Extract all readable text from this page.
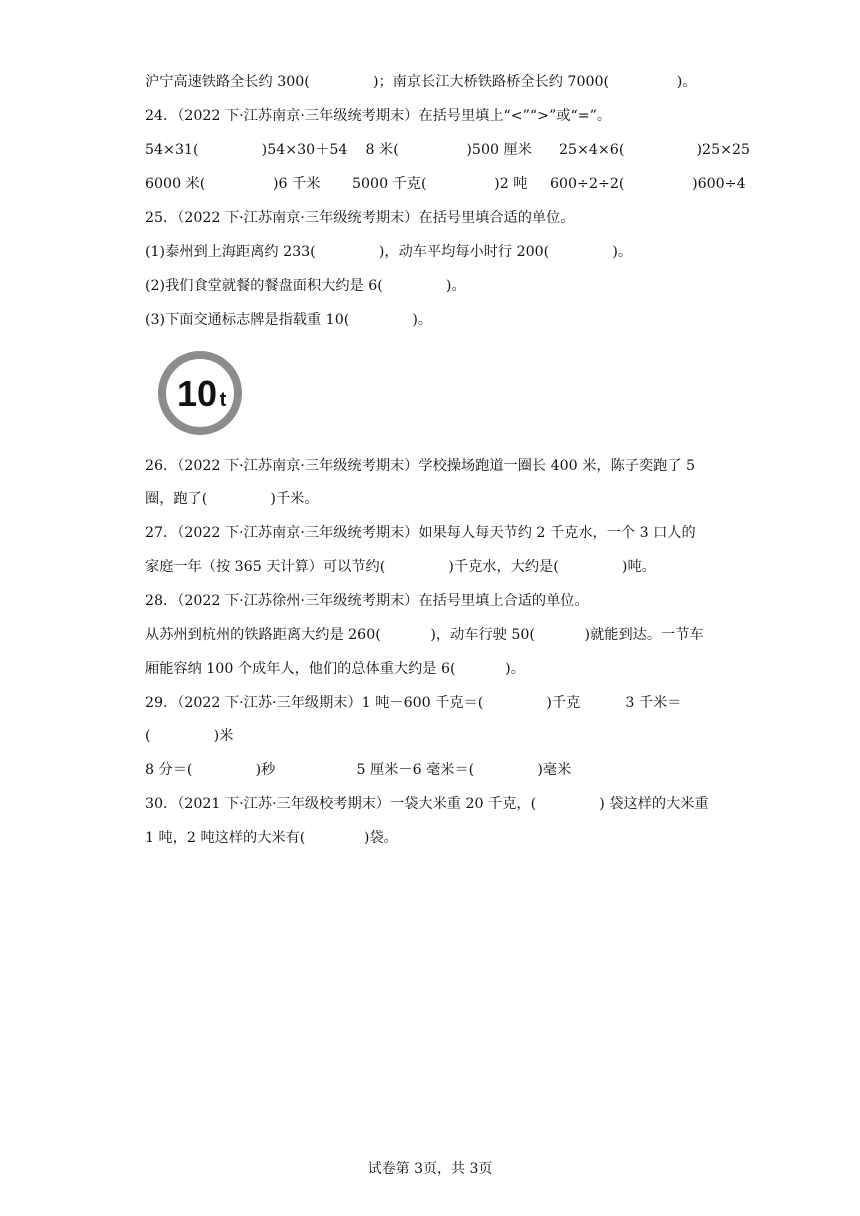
沪宁高速铁路全长约 300(              )；南京长江大桥铁路桥全长约 7000(               )。
24．（2022 下·江苏南京·三年级统考期末）在括号里填上“<”“>”或“=”。
54×31(              )54×30＋54    8 米(               )500 厘米      25×4×6(                )25×25
6000 米(               )6 千米       5000 千克(               )2 吨     600÷2÷2(               )600÷4
25．（2022 下·江苏南京·三年级统考期末）在括号里填合适的单位。
(1)泰州到上海距离约 233(              )，动车平均每小时行 200(              )。
(2)我们食堂就餐的餐盘面积大约是 6(              )。
(3)下面交通标志牌是指载重 10(              )。
10 t
26．（2022 下·江苏南京·三年级统考期末）学校操场跑道一圈长 400 米，陈子奕跑了 5
圈，跑了(              )千米。
27．（2022 下·江苏南京·三年级统考期末）如果每人每天节约 2 千克水，一个 3 口人的
家庭一年（按 365 天计算）可以节约(              )千克水，大约是(              )吨。
28．（2022 下·江苏徐州·三年级统考期末）在括号里填上合适的单位。
从苏州到杭州的铁路距离大约是 260(           )，动车行驶 50(           )就能到达。一节车
厢能容纳 100 个成年人，他们的总体重大约是 6(           )。
29．（2022 下·江苏·三年级期末）1 吨－600 千克＝(              )千克          3 千米＝
(              )米
8 分＝(              )秒                  5 厘米－6 毫米＝(              )毫米
30．（2021 下·江苏·三年级校考期末）一袋大米重 20 千克，(              ) 袋这样的大米重
1 吨，2 吨这样的大米有(             )袋。
试卷第 3页，共 3页
